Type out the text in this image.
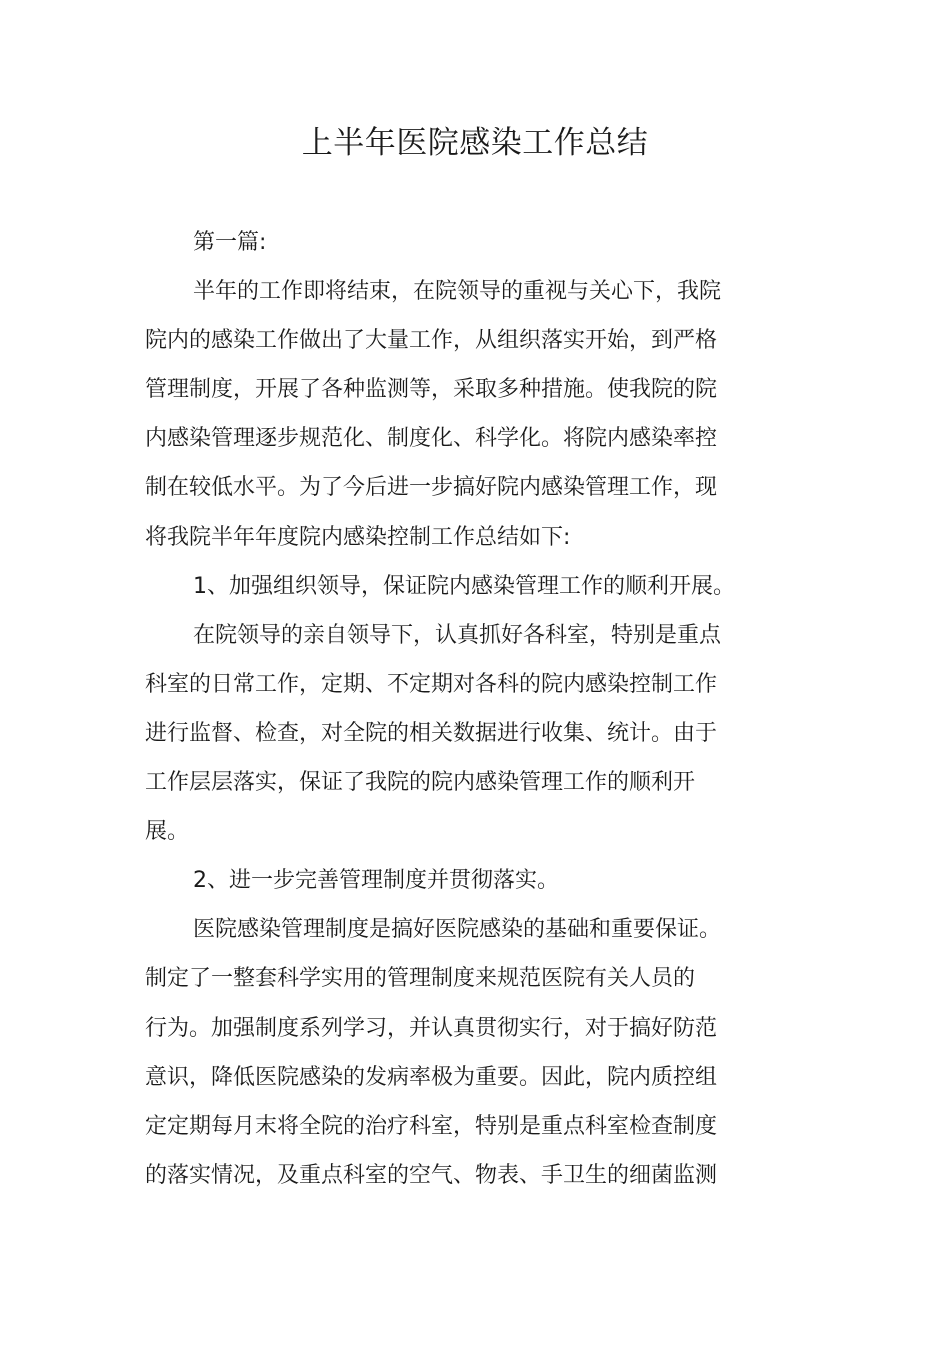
上半年医院感染工作总结

第一篇:

半年的工作即将结束，在院领导的重视与关心下，我院
院内的感染工作做出了大量工作，从组织落实开始，到严格
管理制度，开展了各种监测等，采取多种措施。使我院的院
内感染管理逐步规范化、制度化、科学化。将院内感染率控
制在较低水平。为了今后进一步搞好院内感染管理工作，现
将我院半年年度院内感染控制工作总结如下:

1、加强组织领导，保证院内感染管理工作的顺利开展。

在院领导的亲自领导下，认真抓好各科室，特别是重点
科室的日常工作，定期、不定期对各科的院内感染控制工作
进行监督、检查，对全院的相关数据进行收集、统计。由于
工作层层落实，保证了我院的院内感染管理工作的顺利开
展。

2、进一步完善管理制度并贯彻落实。

医院感染管理制度是搞好医院感染的基础和重要保证。
制定了一整套科学实用的管理制度来规范医院有关人员的
行为。加强制度系列学习，并认真贯彻实行，对于搞好防范
意识，降低医院感染的发病率极为重要。因此，院内质控组
定定期每月末将全院的治疗科室，特别是重点科室检查制度
的落实情况，及重点科室的空气、物表、手卫生的细菌监测
